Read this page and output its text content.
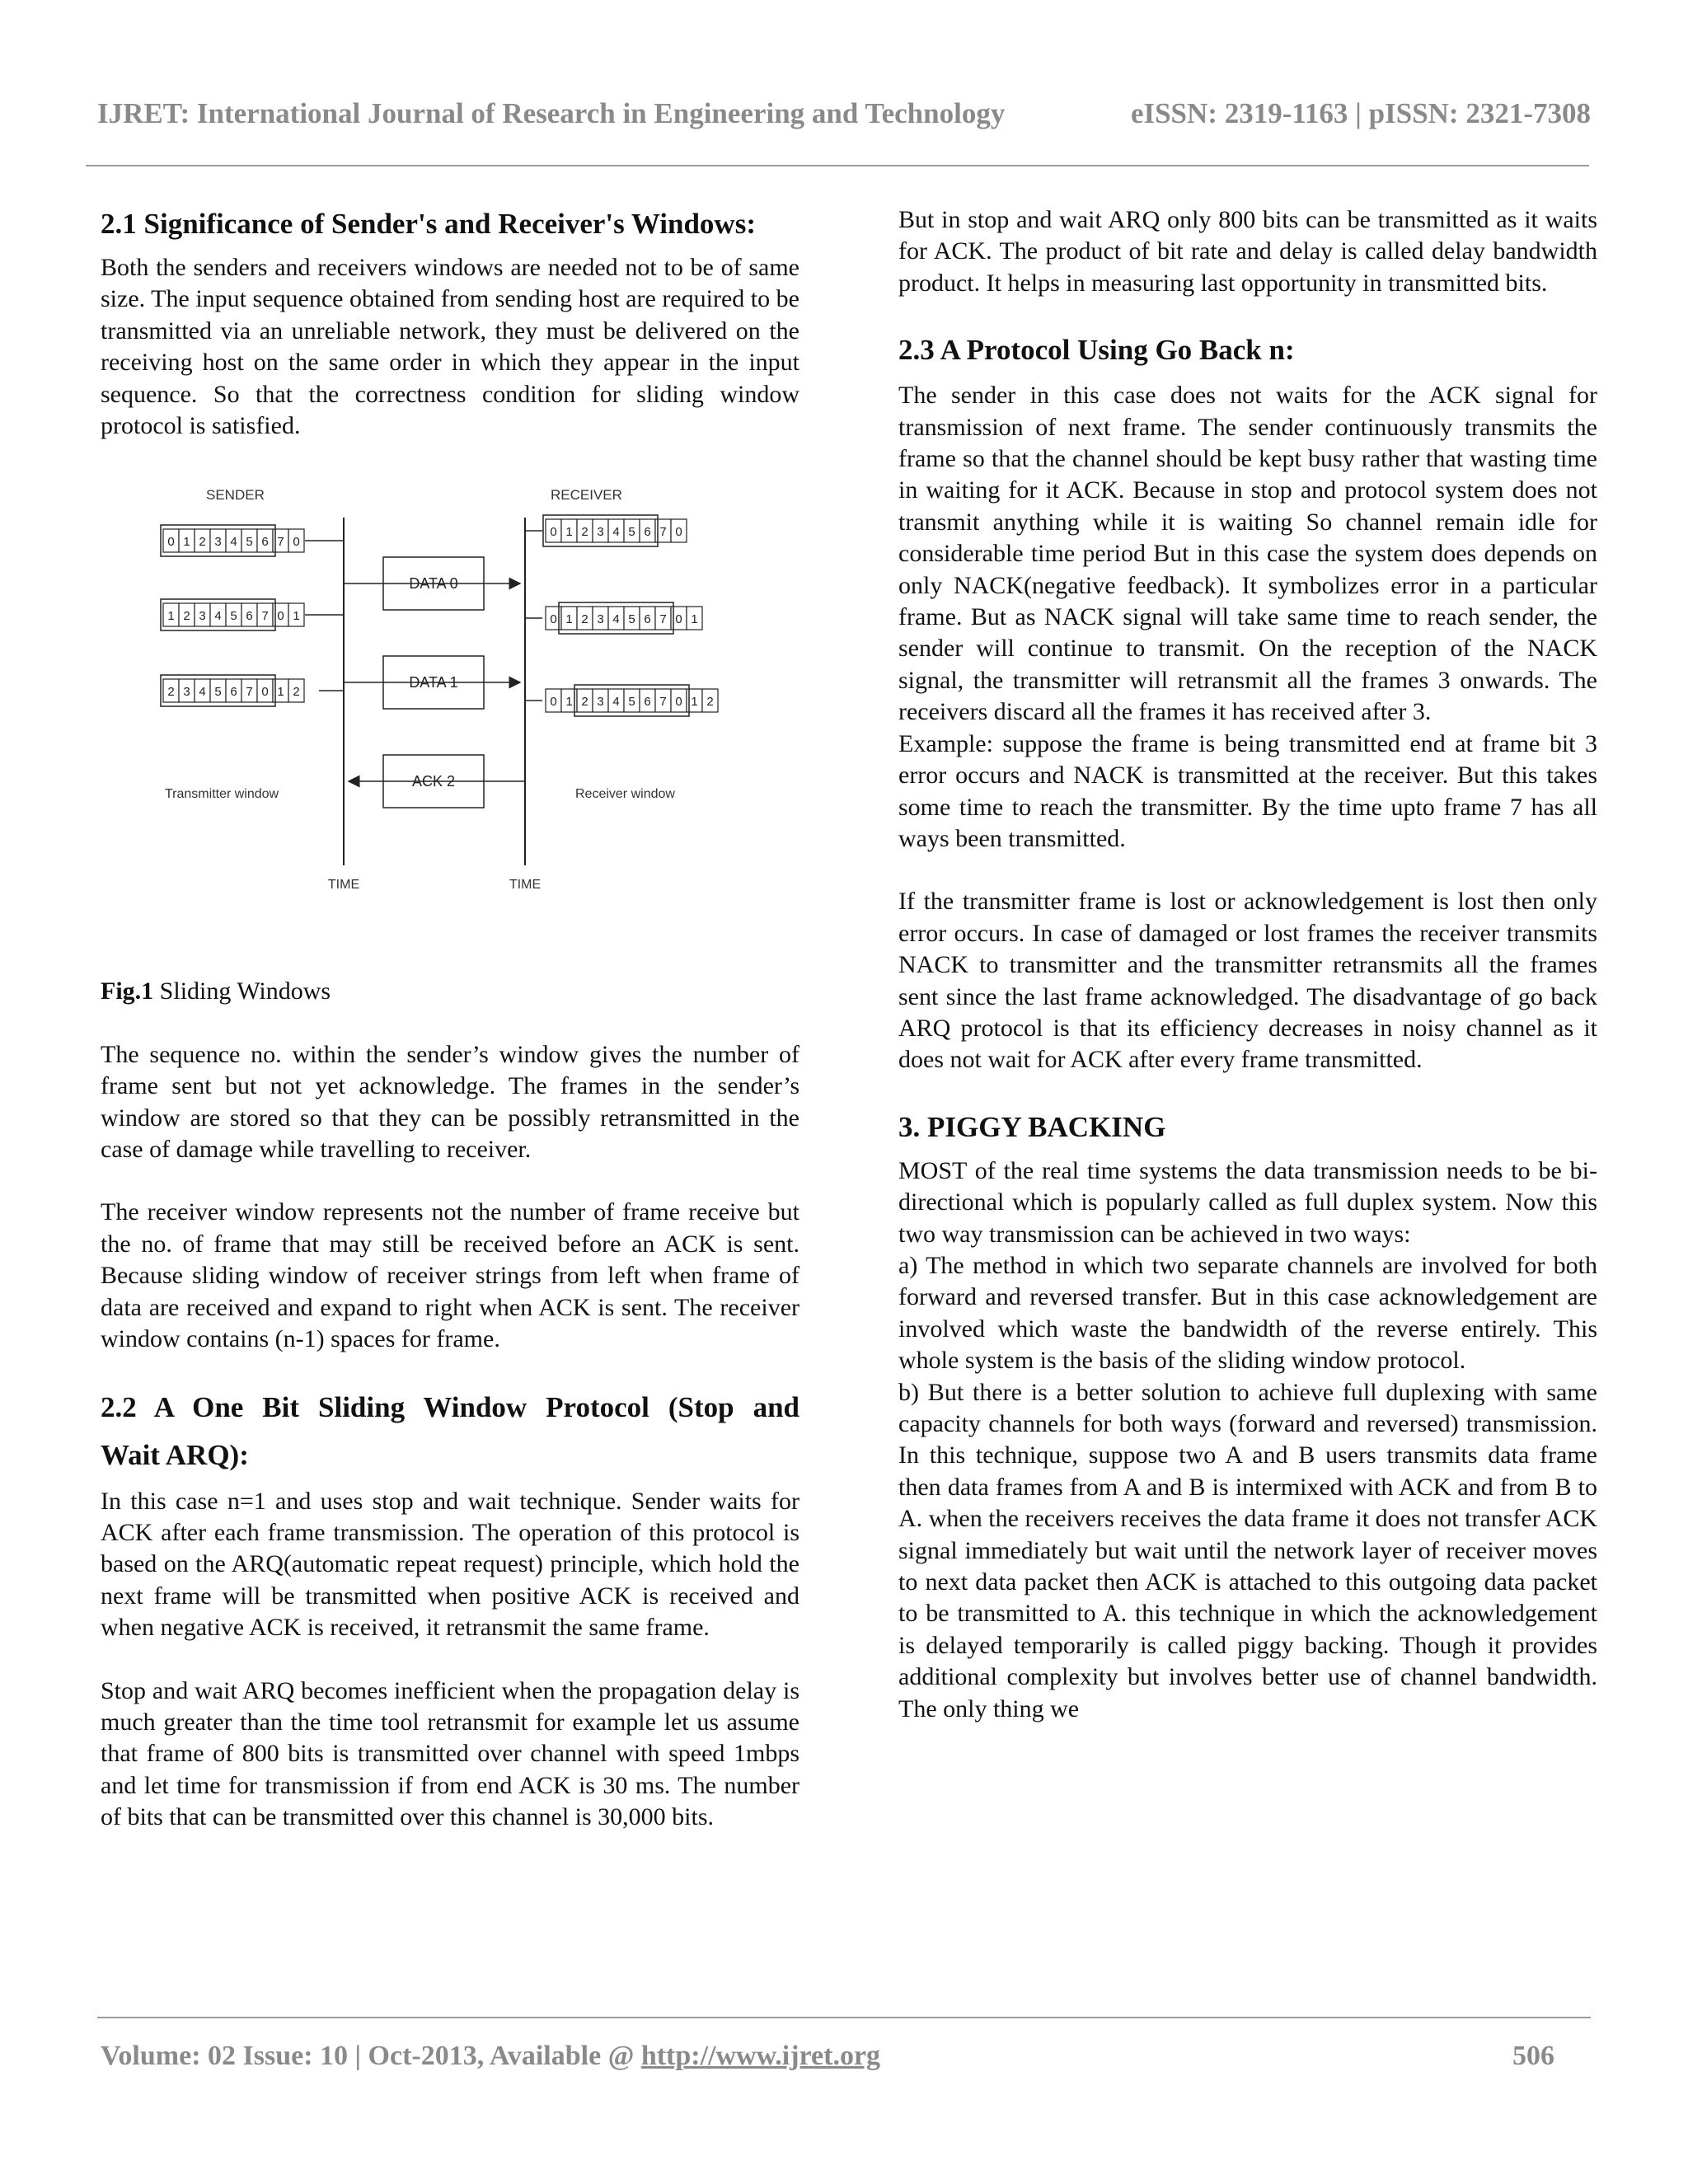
IJRET: International Journal of Research in Engineering and Technology	eISSN: 2319-1163 | pISSN: 2321-7308
2.1 Significance of Sender's and Receiver's Windows:

Both the senders and receivers windows are needed not to be of same size. The input sequence obtained from sending host are required to be transmitted via an unreliable network, they must be delivered on the receiving host on the same order in which they appear in the input sequence. So that the correctness condition for sliding window protocol is satisfied.

SENDER	RECEIVER
0 1 2 3 4 5 6 7 0
1 2 3 4 5 6 7 0 1
2 3 4 5 6 7 0 1 2
0 1 2 3 4 5 6 7 0
0 1 2 3 4 5 6 7 0 1
0 1 2 3 4 5 6 7 0 1 2
DATA 0
DATA 1
ACK 2
Transmitter window	Receiver window
TIME	TIME

Fig.1 Sliding Windows

The sequence no. within the sender’s window gives the number of frame sent but not yet acknowledge. The frames in the sender’s window are stored so that they can be possibly retransmitted in the case of damage while travelling to receiver.

The receiver window represents not the number of frame receive but the no. of frame that may still be received before an ACK is sent. Because sliding window of receiver strings from left when frame of data are received and expand to right when ACK is sent. The receiver window contains (n-1) spaces for frame.

2.2 A One Bit Sliding Window Protocol (Stop and
Wait ARQ):

In this case n=1 and uses stop and wait technique. Sender waits for ACK after each frame transmission. The operation of this protocol is based on the ARQ(automatic repeat request) principle, which hold the next frame will be transmitted when positive ACK is received and when negative ACK is received, it retransmit the same frame.

Stop and wait ARQ becomes inefficient when the propagation delay is much greater than the time tool retransmit for example let us assume that frame of 800 bits is transmitted over channel with speed 1mbps and let time for transmission if from end ACK is 30 ms. The number of bits that can be transmitted over this channel is 30,000 bits.

But in stop and wait ARQ only 800 bits can be transmitted as it waits for ACK. The product of bit rate and delay is called delay bandwidth product. It helps in measuring last opportunity in transmitted bits.

2.3 A Protocol Using Go Back n:

The sender in this case does not waits for the ACK signal for transmission of next frame. The sender continuously transmits the frame so that the channel should be kept busy rather that wasting time in waiting for it ACK. Because in stop and protocol system does not transmit anything while it is waiting So channel remain idle for considerable time period But in this case the system does depends on only NACK(negative feedback). It symbolizes error in a particular frame. But as NACK signal will take same time to reach sender, the sender will continue to transmit. On the reception of the NACK signal, the transmitter will retransmit all the frames 3 onwards. The receivers discard all the frames it has received after 3.

Example: suppose the frame is being transmitted end at frame bit 3 error occurs and NACK is transmitted at the receiver. But this takes some time to reach the transmitter. By the time upto frame 7 has all ways been transmitted.

If the transmitter frame is lost or acknowledgement is lost then only error occurs. In case of damaged or lost frames the receiver transmits NACK to transmitter and the transmitter retransmits all the frames sent since the last frame acknowledged. The disadvantage of go back ARQ protocol is that its efficiency decreases in noisy channel as it does not wait for ACK after every frame transmitted.

3. PIGGY BACKING

MOST of the real time systems the data transmission needs to be bi-directional which is popularly called as full duplex system. Now this two way transmission can be achieved in two ways:

a) The method in which two separate channels are involved for both forward and reversed transfer. But in this case acknowledgement are involved which waste the bandwidth of the reverse entirely. This whole system is the basis of the sliding window protocol.

b) But there is a better solution to achieve full duplexing with same capacity channels for both ways (forward and reversed) transmission. In this technique, suppose two A and B users transmits data frame then data frames from A and B is intermixed with ACK and from B to A. when the receivers receives the data frame it does not transfer ACK signal immediately but wait until the network layer of receiver moves to next data packet then ACK is attached to this outgoing data packet to be transmitted to A. this technique in which the acknowledgement is delayed temporarily is called piggy backing. Though it provides additional complexity but involves better use of channel bandwidth. The only thing we

Volume: 02 Issue: 10 | Oct-2013, Available @ http://www.ijret.org	506
